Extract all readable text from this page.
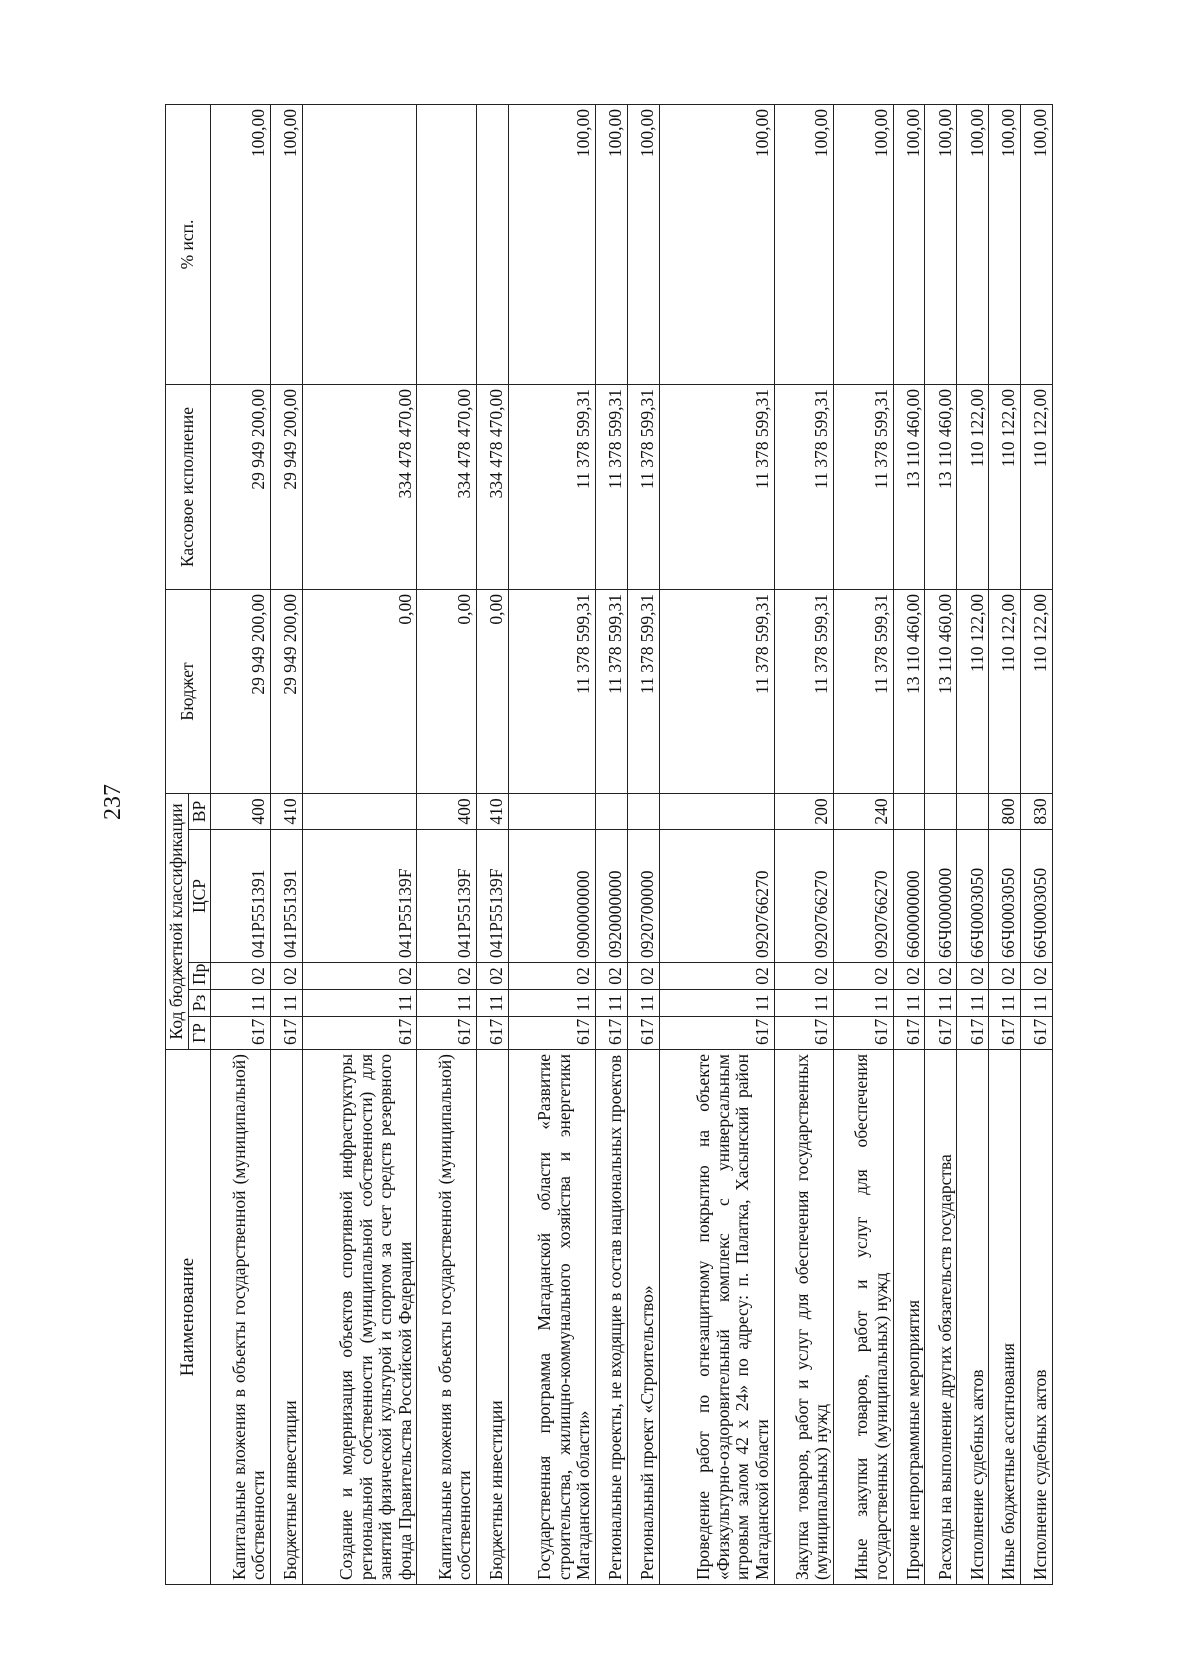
237
Наименование	Код бюджетной классификации					Бюджет	Кассовое исполнение	% исп.
	ГР	Рз	Пр	ЦСР	ВР			
Капитальные вложения в объекты государственной (муниципальной) собственности	617	11	02	041P551391	400	29 949 200,00	29 949 200,00	100,00
Бюджетные инвестиции	617	11	02	041P551391	410	29 949 200,00	29 949 200,00	100,00
Создание и модернизация объектов спортивной инфраструктуры региональной собственности (муниципальной собственности) для занятий физической культурой и спортом за счет средств резервного фонда Правительства Российской Федерации	617	11	02	041P55139F		0,00	334 478 470,00	
Капитальные вложения в объекты государственной (муниципальной) собственности	617	11	02	041P55139F	400	0,00	334 478 470,00	
Бюджетные инвестиции	617	11	02	041P55139F	410	0,00	334 478 470,00	
Государственная программа Магаданской области «Развитие строительства, жилищно-коммунального хозяйства и энергетики Магаданской области»	617	11	02	0900000000		11 378 599,31	11 378 599,31	100,00
Региональные проекты, не входящие в состав национальных проектов	617	11	02	0920000000		11 378 599,31	11 378 599,31	100,00
Региональный проект «Строительство»	617	11	02	0920700000		11 378 599,31	11 378 599,31	100,00
Проведение работ по огнезащитному покрытию на объекте «Физкультурно-оздоровительный комплекс с универсальным игровым залом 42 х 24» по адресу: п. Палатка, Хасынский район Магаданской области	617	11	02	0920766270		11 378 599,31	11 378 599,31	100,00
Закупка товаров, работ и услуг для обеспечения государственных (муниципальных) нужд	617	11	02	0920766270	200	11 378 599,31	11 378 599,31	100,00
Иные закупки товаров, работ и услуг для обеспечения государственных (муниципальных) нужд	617	11	02	0920766270	240	11 378 599,31	11 378 599,31	100,00
Прочие непрограммные мероприятия	617	11	02	6600000000		13 110 460,00	13 110 460,00	100,00
Расходы на выполнение других обязательств государства	617	11	02	66Ч0000000		13 110 460,00	13 110 460,00	100,00
Исполнение судебных актов	617	11	02	66Ч0003050		110 122,00	110 122,00	100,00
Иные бюджетные ассигнования	617	11	02	66Ч0003050	800	110 122,00	110 122,00	100,00
Исполнение судебных актов	617	11	02	66Ч0003050	830	110 122,00	110 122,00	100,00
